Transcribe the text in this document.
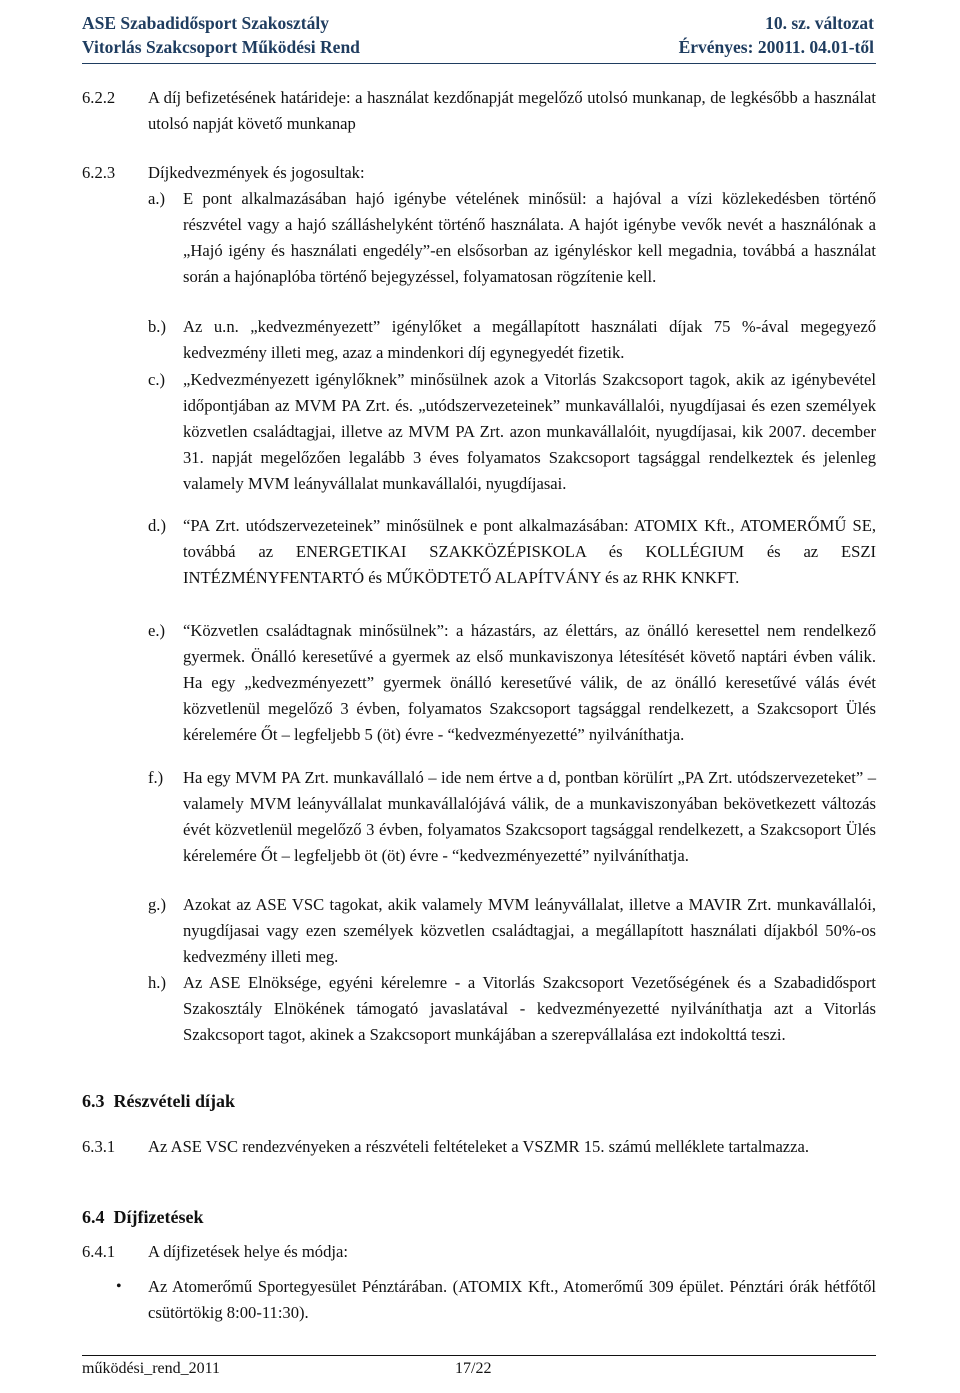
ASE Szabadidősport Szakosztály	10. sz. változat
Vitorlás Szakcsoport Működési Rend	Érvényes: 20011. 04.01-től
6.2.2 A díj befizetésének határideje: a használat kezdőnapját megelőző utolsó munkanap, de legkésőbb a használat utolsó napját követő munkanap
6.2.3 Díjkedvezmények és jogosultak:
a.) E pont alkalmazásában hajó igénybe vételének minősül: a hajóval a vízi közlekedésben történő részvétel vagy a hajó szálláshelyként történő használata. A hajót igénybe vevők nevét a használónak a „Hajó igény és használati engedély”-en elsősorban az igényléskor kell megadnia, továbbá a használat során a hajónaplóba történő bejegyzéssel, folyamatosan rögzítenie kell.
b.) Az u.n. „kedvezményezett” igénylőket a megállapított használati díjak 75 %-ával megegyező kedvezmény illeti meg, azaz a mindenkori díj egynegyedét fizetik.
c.) „Kedvezményezett igénylőknek” minősülnek azok a Vitorlás Szakcsoport tagok, akik az igénybevétel időpontjában az MVM PA Zrt. és. „utódszervezeteinek” munkavállalói, nyugdíjasai és ezen személyek közvetlen családtagjai, illetve az MVM PA Zrt. azon munkavállalóit, nyugdíjasai, kik 2007. december 31. napját megelőzően legalább 3 éves folyamatos Szakcsoport tagsággal rendelkeztek és jelenleg valamely MVM leányvállalat munkavállalói, nyugdíjasai.
d.) “PA Zrt. utódszervezeteinek” minősülnek e pont alkalmazásában: ATOMIX Kft., ATOMERŐMŰ SE, továbbá az ENERGETIKAI SZAKKÖZÉPISKOLA és KOLLÉGIUM és az ESZI INTÉZMÉNYFENTARTÓ és MŰKÖDTETŐ ALAPÍTVÁNY és az RHK KNKFT.
e.) “Közvetlen családtagnak minősülnek”: a házastárs, az élettárs, az önálló keresettel nem rendelkező gyermek. Önálló keresetűvé a gyermek az első munkaviszonya létesítését követő naptári évben válik. Ha egy „kedvezményezett” gyermek önálló keresetűvé válik, de az önálló keresetűvé válás évét közvetlenül megelőző 3 évben, folyamatos Szakcsoport tagsággal rendelkezett, a Szakcsoport Ülés kérelemére Őt – legfeljebb 5 (öt) évre - “kedvezményezetté” nyilváníthatja.
f.) Ha egy MVM PA Zrt. munkavállaló – ide nem értve a d, pontban körülírt „PA Zrt. utódszervezeteket” – valamely MVM leányvállalat munkavállalójává válik, de a munkaviszonyában bekövetkezett változás évét közvetlenül megelőző 3 évben, folyamatos Szakcsoport tagsággal rendelkezett, a Szakcsoport Ülés kérelemére Őt – legfeljebb öt (öt) évre - “kedvezményezetté” nyilváníthatja.
g.) Azokat az ASE VSC tagokat, akik valamely MVM leányvállalat, illetve a MAVIR Zrt. munkavállalói, nyugdíjasai vagy ezen személyek közvetlen családtagjai, a megállapított használati díjakból 50%-os kedvezmény illeti meg.
h.) Az ASE Elnöksége, egyéni kérelemre - a Vitorlás Szakcsoport Vezetőségének és a Szabadidősport Szakosztály Elnökének támogató javaslatával - kedvezményezetté nyilváníthatja azt a Vitorlás Szakcsoport tagot, akinek a Szakcsoport munkájában a szerepvállalása ezt indokolttá teszi.
6.3  Részvételi díjak
6.3.1 Az ASE VSC rendezvényeken a részvételi feltételeket a VSZMR 15. számú melléklete tartalmazza.
6.4  Díjfizetések
6.4.1 A díjfizetések helye és módja:
• Az Atomerőmű Sportegyesület Pénztárában. (ATOMIX Kft., Atomerőmű 309 épület. Pénztári órák hétfőtől csütörtökig 8:00-11:30).
működési_rend_2011	17/22
